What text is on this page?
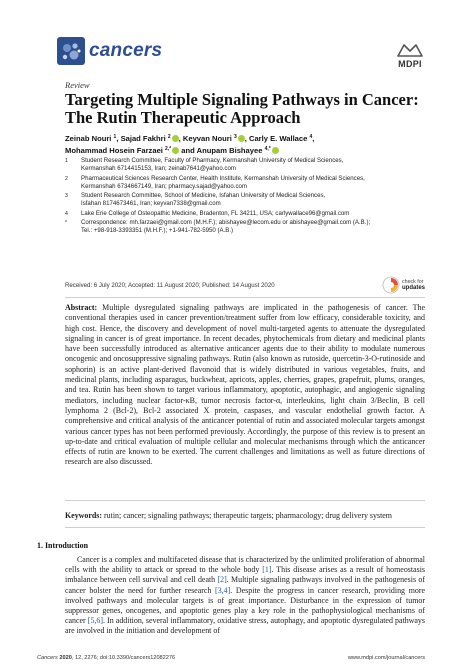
cancers
MDPI
Review
Targeting Multiple Signaling Pathways in Cancer:
The Rutin Therapeutic Approach
Zeinab Nouri $^1$, Sajad Fakhri $^2$ , Keyvan Nouri $^3$ , Carly E. Wallace $^4$,
Mohammad Hosein Farzaei $^{2,*}$ and Anupam Bishayee $^{4,*}$
1	Student Research Committee, Faculty of Pharmacy, Kermanshah University of Medical Sciences,
Kermanshah 6714415153, Iran; zeinab7641@yahoo.com
2	Pharmaceutical Sciences Research Center, Health Institute, Kermanshah University of Medical Sciences,
Kermanshah 6734667149, Iran; pharmacy.sajad@yahoo.com
3	Student Research Committee, School of Medicine, Isfahan University of Medical Sciences,
Isfahan 8174673461, Iran; keyvan7338@gmail.com
4	Lake Erie College of Osteopathic Medicine, Bradenton, FL 34211, USA; carlywallace96@gmail.com
*	Correspondence: mh.farzaei@gmail.com (M.H.F.); abishayee@lecom.edu or abishayee@gmail.com (A.B.);
Tel.: +98-918-3393351 (M.H.F.); +1-941-782-5950 (A.B.)
Received: 6 July 2020; Accepted: 11 August 2020; Published: 14 August 2020	check for
updates
Abstract: Multiple dysregulated signaling pathways are implicated in the pathogenesis of cancer. The conventional therapies used in cancer prevention/treatment suffer from low efficacy, considerable toxicity, and high cost. Hence, the discovery and development of novel multi-targeted agents to attenuate the dysregulated signaling in cancer is of great importance. In recent decades, phytochemicals from dietary and medicinal plants have been successfully introduced as alternative anticancer agents due to their ability to modulate numerous oncogenic and oncosuppressive signaling pathways. Rutin (also known as rutoside, quercetin-3-O-rutinoside and sophorin) is an active plant-derived flavonoid that is widely distributed in various vegetables, fruits, and medicinal plants, including asparagus, buckwheat, apricots, apples, cherries, grapes, grapefruit, plums, oranges, and tea. Rutin has been shown to target various inflammatory, apoptotic, autophagic, and angiogenic signaling mediators, including nuclear factor-κB, tumor necrosis factor-α, interleukins, light chain 3/Beclin, B cell lymphoma 2 (Bcl-2), Bcl-2 associated X protein, caspases, and vascular endothelial growth factor. A comprehensive and critical analysis of the anticancer potential of rutin and associated molecular targets amongst various cancer types has not been performed previously. Accordingly, the purpose of this review is to present an up-to-date and critical evaluation of multiple cellular and molecular mechanisms through which the anticancer effects of rutin are known to be exerted. The current challenges and limitations as well as future directions of research are also discussed.
Keywords: rutin; cancer; signaling pathways; therapeutic targets; pharmacology; drug delivery system
1. Introduction
Cancer is a complex and multifaceted disease that is characterized by the unlimited proliferation of abnormal cells with the ability to attack or spread to the whole body [1]. This disease arises as a result of homeostasis imbalance between cell survival and cell death [2]. Multiple signaling pathways involved in the pathogenesis of cancer bolster the need for further research [3,4]. Despite the progress in cancer research, providing more involved pathways and molecular targets is of great importance. Disturbance in the expression of tumor suppressor genes, oncogenes, and apoptotic genes play a key role in the pathophysiological mechanisms of cancer [5,6]. In addition, several inflammatory, oxidative stress, autophagy, and apoptotic dysregulated pathways are involved in the initiation and development of
Cancers 2020, 12, 2276; doi:10.3390/cancers12082276	www.mdpi.com/journal/cancers
